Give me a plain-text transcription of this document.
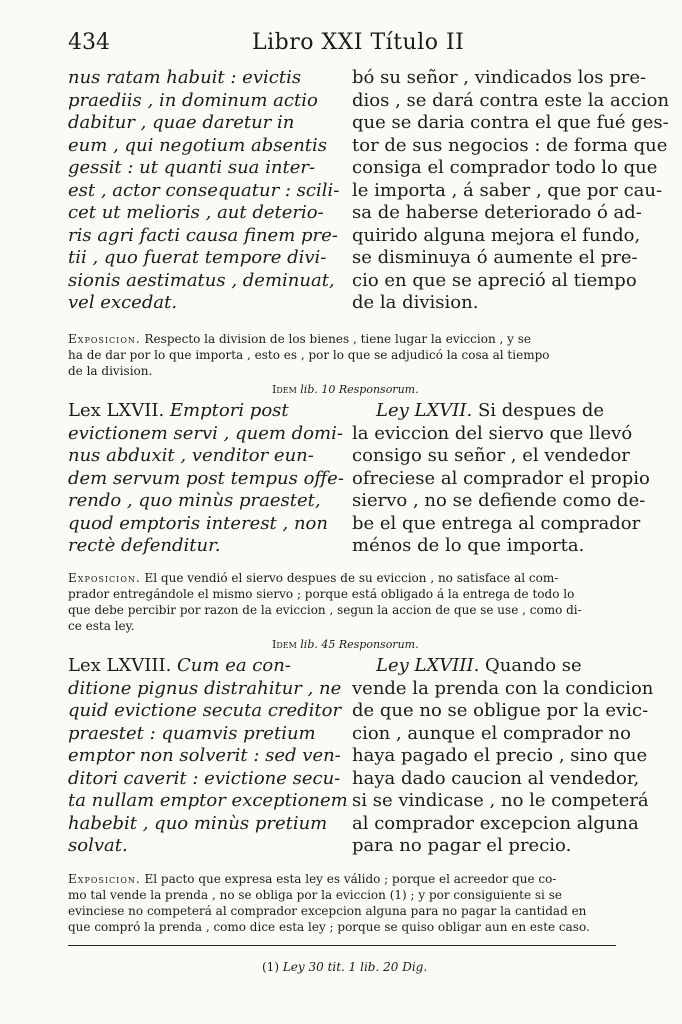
434	Libro XXI Título II
nus ratam habuit : evictis
praediis , in dominum actio
dabitur , quae daretur in
eum , qui negotium absentis
gessit : ut quanti sua inter-
est , actor consequatur : scili-
cet ut melioris , aut deterio-
ris agri facti causa finem pre-
tii , quo fuerat tempore divi-
sionis aestimatus , deminuat,
vel excedat.
bó su señor , vindicados los pre-
dios , se dará contra este la accion
que se daria contra el que fué ges-
tor de sus negocios : de forma que
consiga el comprador todo lo que
le importa , á saber , que por cau-
sa de haberse deteriorado ó ad-
quirido alguna mejora el fundo,
se disminuya ó aumente el pre-
cio en que se apreció al tiempo
de la division.
Exposicion. Respecto la division de los bienes , tiene lugar la eviccion , y se
ha de dar por lo que importa , esto es , por lo que se adjudicó la cosa al tiempo
de la division.
Idem lib. 10 Responsorum.
Lex LXVII. Emptori post
evictionem servi , quem domi-
nus abduxit , venditor eun-
dem servum post tempus offe-
rendo , quo minùs praestet,
quod emptoris interest , non
rectè defenditur.
Ley LXVII. Si despues de
la eviccion del siervo que llevó
consigo su señor , el vendedor
ofreciese al comprador el propio
siervo , no se defiende como de-
be el que entrega al comprador
ménos de lo que importa.
Exposicion. El que vendió el siervo despues de su eviccion , no satisface al com-
prador entregándole el mismo siervo ; porque está obligado á la entrega de todo lo
que debe percibir por razon de la eviccion , segun la accion de que se use , como di-
ce esta ley.
Idem lib. 45 Responsorum.
Lex LXVIII. Cum ea con-
ditione pignus distrahitur , ne
quid evictione secuta creditor
praestet : quamvis pretium
emptor non solverit : sed ven-
ditori caverit : evictione secu-
ta nullam emptor exceptionem
habebit , quo minùs pretium
solvat.
Ley LXVIII. Quando se
vende la prenda con la condicion
de que no se obligue por la evic-
cion , aunque el comprador no
haya pagado el precio , sino que
haya dado caucion al vendedor,
si se vindicase , no le competerá
al comprador excepcion alguna
para no pagar el precio.
Exposicion. El pacto que expresa esta ley es válido ; porque el acreedor que co-
mo tal vende la prenda , no se obliga por la eviccion (1) ; y por consiguiente si se
evinciese no competerá al comprador excepcion alguna para no pagar la cantidad en
que compró la prenda , como dice esta ley ; porque se quiso obligar aun en este caso.
(1) Ley 30 tit. 1 lib. 20 Dig.
